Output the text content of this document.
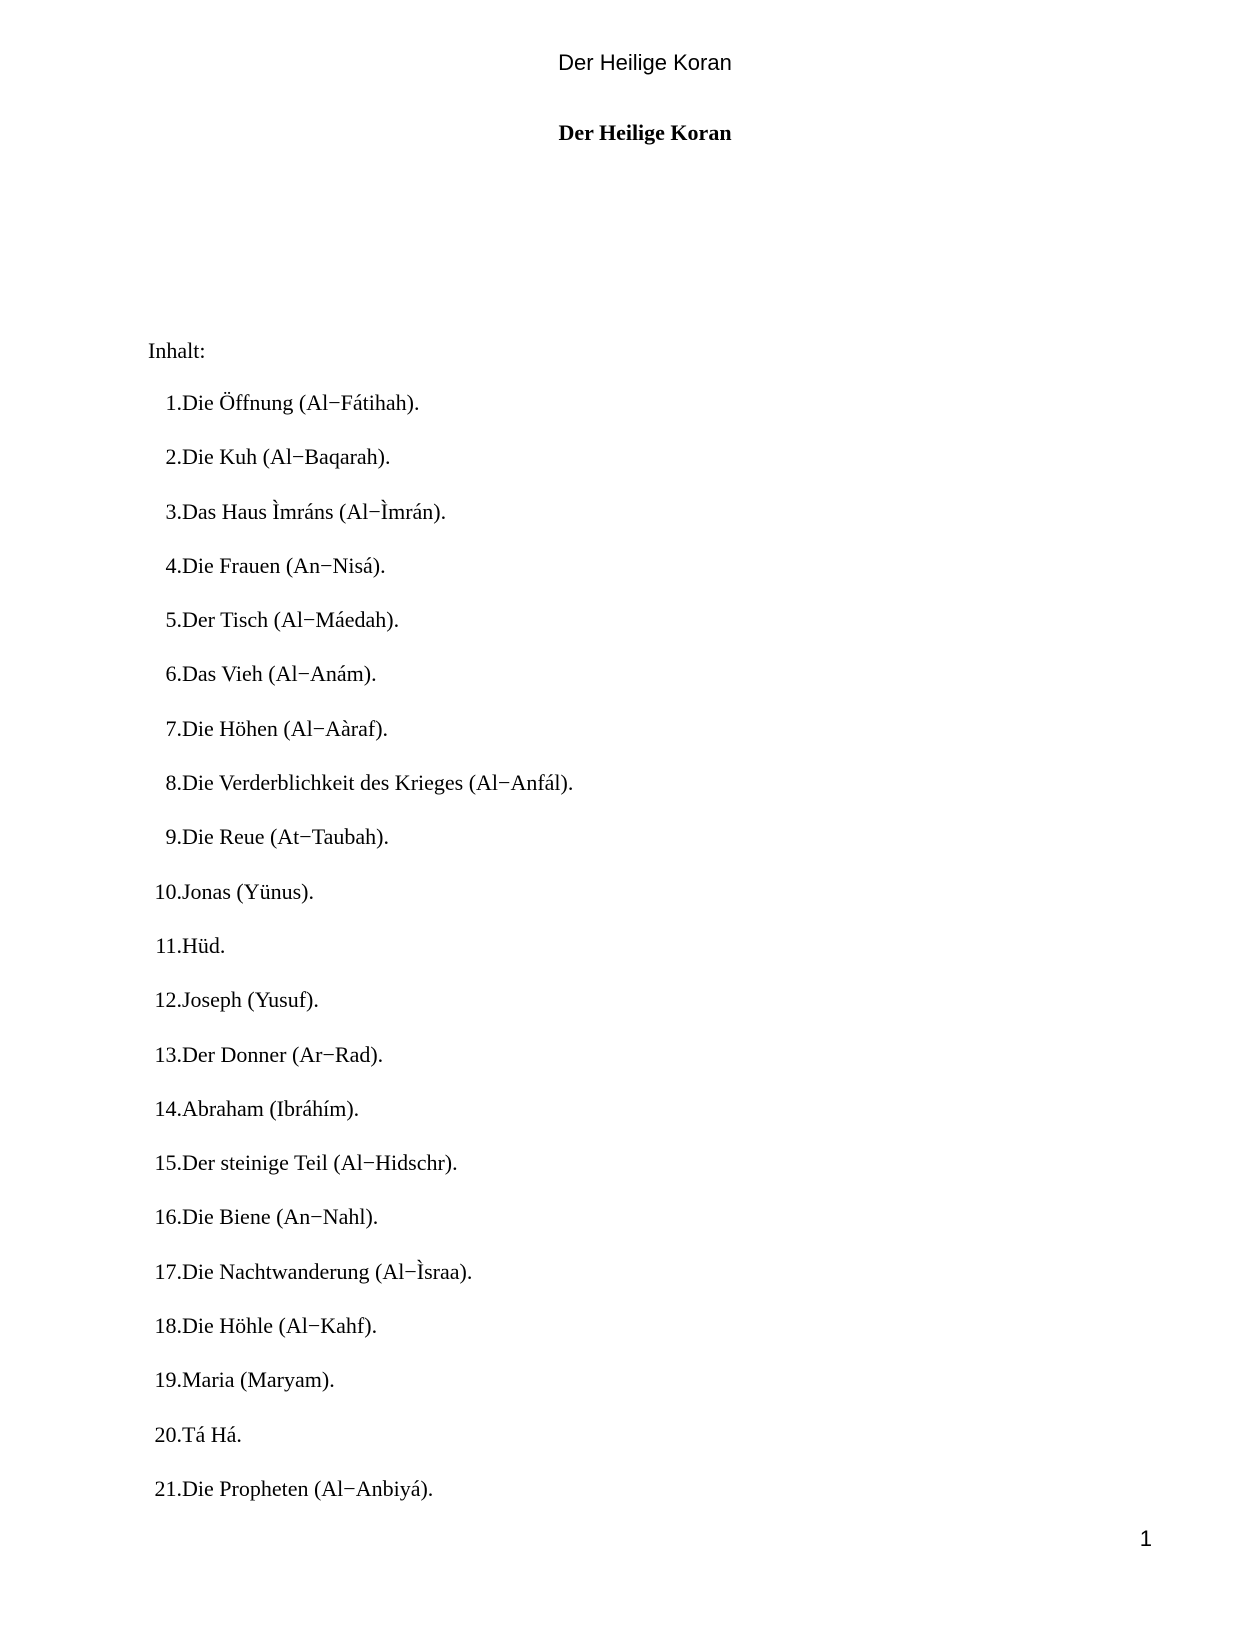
Der Heilige Koran
Der Heilige Koran
Inhalt:
1.Die Öffnung (Al−Fátihah).
2.Die Kuh (Al−Baqarah).
3.Das Haus Ìmráns (Al−Ìmrán).
4.Die Frauen (An−Nisá).
5.Der Tisch (Al−Máedah).
6.Das Vieh (Al−Anám).
7.Die Höhen (Al−Aàraf).
8.Die Verderblichkeit des Krieges (Al−Anfál).
9.Die Reue (At−Taubah).
10.Jonas (Yünus).
11.Hüd.
12.Joseph (Yusuf).
13.Der Donner (Ar−Rad).
14.Abraham (Ibráhím).
15.Der steinige Teil (Al−Hidschr).
16.Die Biene (An−Nahl).
17.Die Nachtwanderung (Al−Ìsraa).
18.Die Höhle (Al−Kahf).
19.Maria (Maryam).
20.Tá Há.
21.Die Propheten (Al−Anbiyá).
1
